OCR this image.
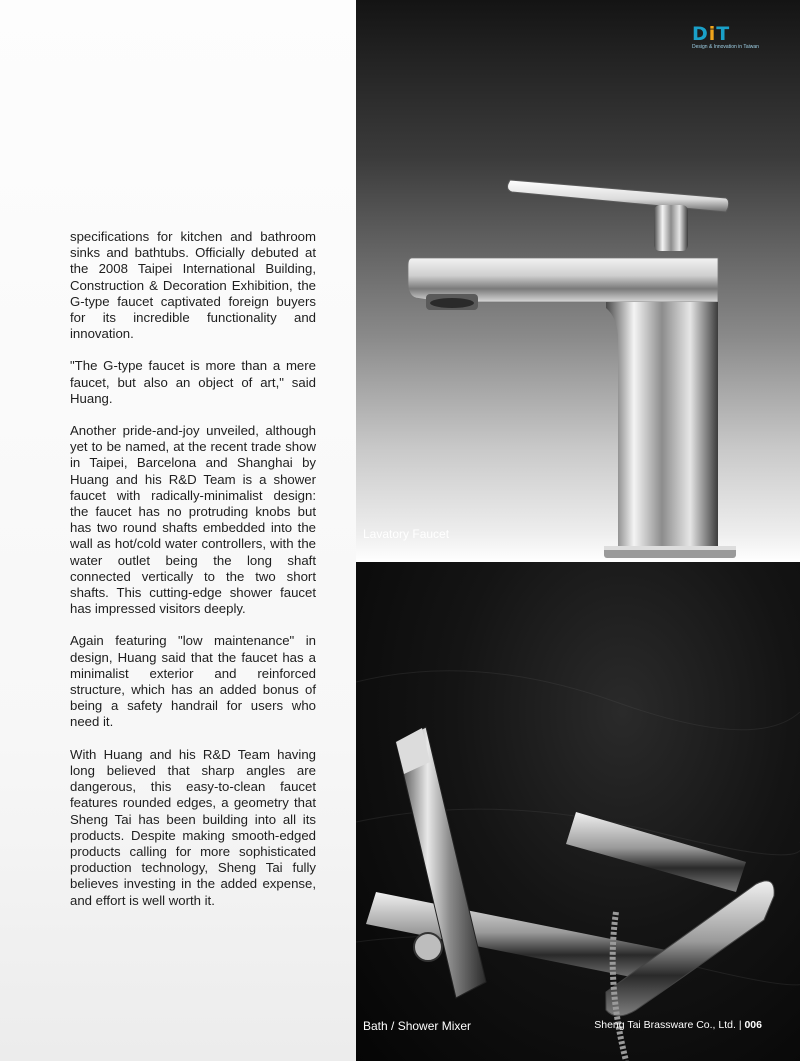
specifications for kitchen and bathroom sinks and bathtubs. Officially debuted at the 2008 Taipei International Building, Construction & Decoration Exhibition, the G-type faucet captivated foreign buyers for its incredible functionality and innovation.

"The G-type faucet is more than a mere faucet, but also an object of art," said Huang.

Another pride-and-joy unveiled, although yet to be named, at the recent trade show in Taipei, Barcelona and Shanghai by Huang and his R&D Team is a shower faucet with radically-minimalist design: the faucet has no protruding knobs but has two round shafts embedded into the wall as hot/cold water controllers, with the water outlet being the long shaft connected vertically to the two short shafts. This cutting-edge shower faucet has impressed visitors deeply.

Again featuring "low maintenance" in design, Huang said that the faucet has a minimalist exterior and reinforced structure, which has an added bonus of being a safety handrail for users who need it.

With Huang and his R&D Team having long believed that sharp angles are dangerous, this easy-to-clean faucet features rounded edges, a geometry that Sheng Tai has been building into all its products. Despite making smooth-edged products calling for more sophisticated production technology, Sheng Tai fully believes investing in the added expense, and effort is well worth it.

Lavatory Faucet
Bath / Shower Mixer
DiT
Design & Innovation in Taiwan
Sheng Tai Brassware Co., Ltd. | 006
